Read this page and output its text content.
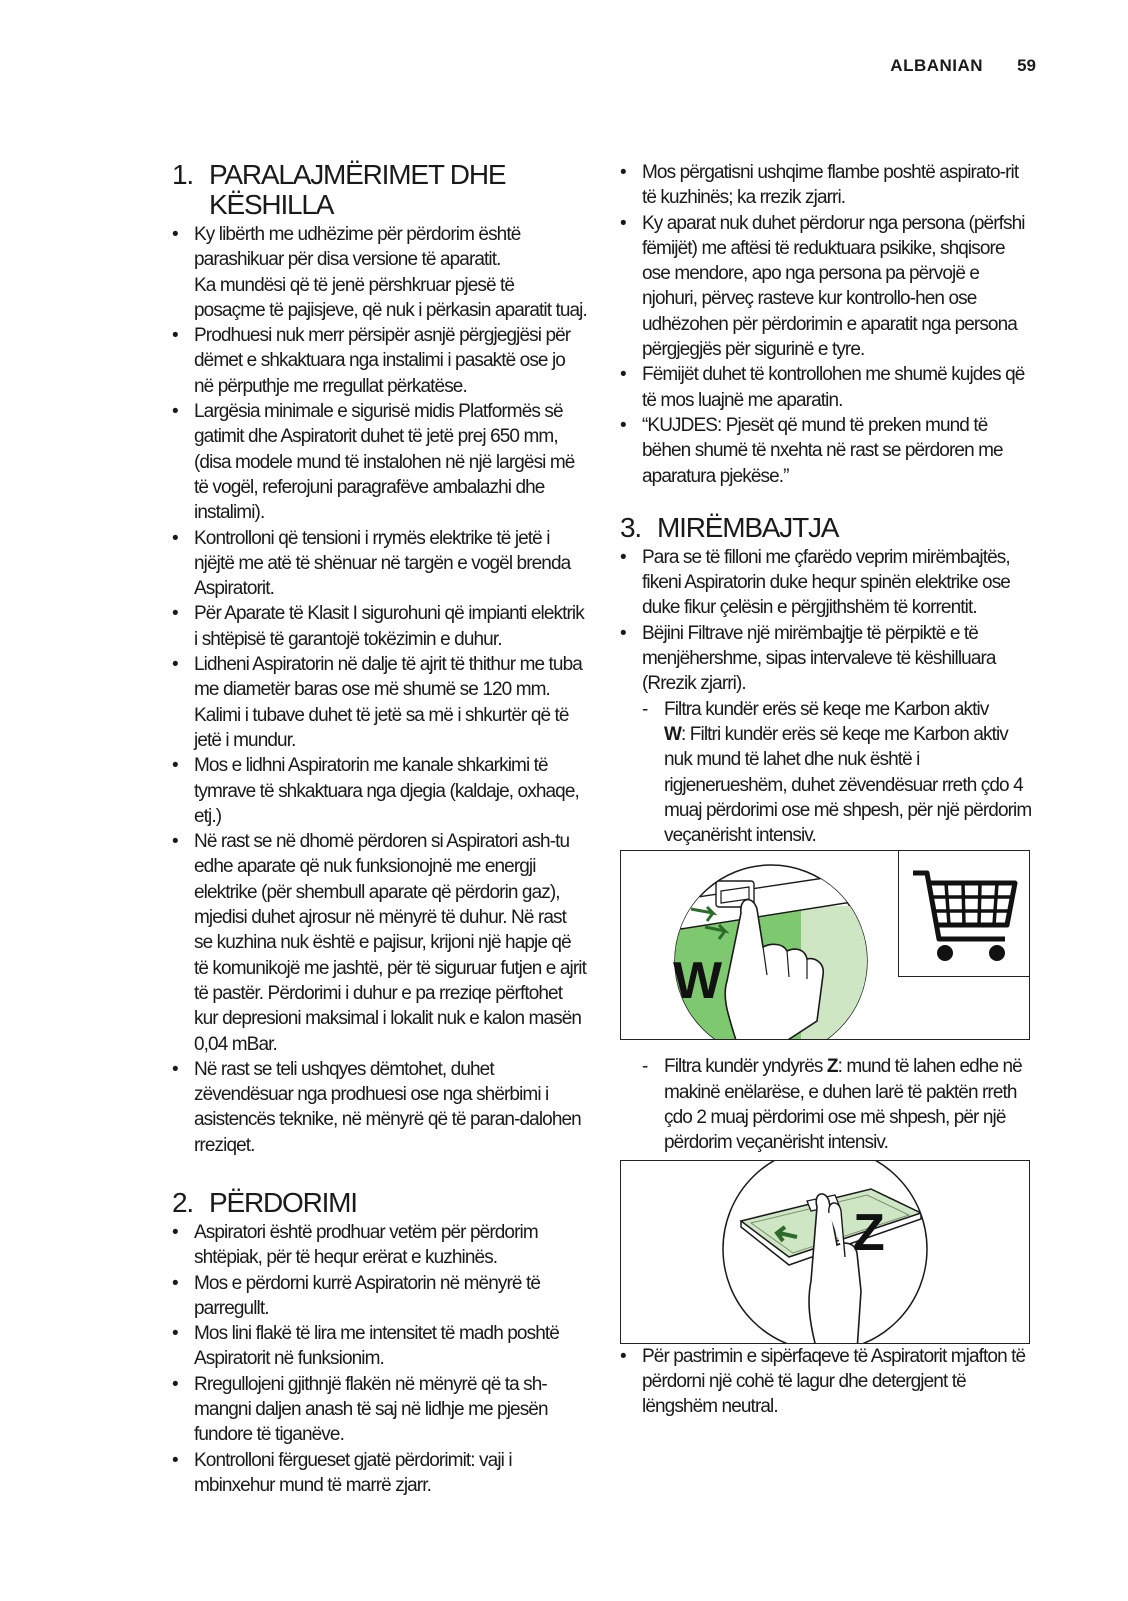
ALBANIAN 59
1. PARALAJMËRIMET DHE
KËSHILLA
• Ky libërth me udhëzime për përdorim është parashikuar për disa versione të aparatit.
Ka mundësi që të jenë përshkruar pjesë të posaçme të pajisjeve, që nuk i përkasin aparatit tuaj.
• Prodhuesi nuk merr përsipër asnjë përgjegjësi për dëmet e shkaktuara nga instalimi i pasaktë ose jo në përputhje me rregullat përkatëse.
• Largësia minimale e sigurisë midis Platformës së gatimit dhe Aspiratorit duhet të jetë prej 650 mm, (disa modele mund të instalohen në një largësi më të vogël, referojuni paragrafëve ambalazhi dhe instalimi).
• Kontrolloni që tensioni i rrymës elektrike të jetë i njëjtë me atë të shënuar në targën e vogël brenda Aspiratorit.
• Për Aparate të Klasit I sigurohuni që impianti elektrik i shtëpisë të garantojë tokëzimin e duhur.
• Lidheni Aspiratorin në dalje të ajrit të thithur me tuba me diametër baras ose më shumë se 120 mm. Kalimi i tubave duhet të jetë sa më i shkurtër që të jetë i mundur.
• Mos e lidhni Aspiratorin me kanale shkarkimi të tymrave të shkaktuara nga djegia (kaldaje, oxhaqe, etj.)
• Në rast se në dhomë përdoren si Aspiratori ash-tu edhe aparate që nuk funksionojnë me energji elektrike (për shembull aparate që përdorin gaz), mjedisi duhet ajrosur në mënyrë të duhur. Në rast se kuzhina nuk është e pajisur, krijoni një hapje që të komunikojë me jashtë, për të siguruar futjen e ajrit të pastër. Përdorimi i duhur e pa rreziqe përftohet kur depresioni maksimal i lokalit nuk e kalon masën 0,04 mBar.
• Në rast se teli ushqyes dëmtohet, duhet zëvendësuar nga prodhuesi ose nga shërbimi i asistencës teknike, në mënyrë që të paran-dalohen rreziqet.
2. PËRDORIMI
• Aspiratori është prodhuar vetëm për përdorim shtëpiak, për të hequr erërat e kuzhinës.
• Mos e përdorni kurrë Aspiratorin në mënyrë të parregullt.
• Mos lini flakë të lira me intensitet të madh poshtë Aspiratorit në funksionim.
• Rregullojeni gjithnjë flakën në mënyrë që ta sh-mangni daljen anash të saj në lidhje me pjesën fundore të tiganëve.
• Kontrolloni fërgueset gjatë përdorimit: vaji i mbinxehur mund të marrë zjarr.
• Mos përgatisni ushqime flambe poshtë aspirato-rit të kuzhinës; ka rrezik zjarri.
• Ky aparat nuk duhet përdorur nga persona (përfshi fëmijët) me aftësi të reduktuara psikike, shqisore ose mendore, apo nga persona pa përvojë e njohuri, përveç rasteve kur kontrollo-hen ose udhëzohen për përdorimin e aparatit nga persona përgjegjës për sigurinë e tyre.
• Fëmijët duhet të kontrollohen me shumë kujdes që të mos luajnë me aparatin.
• “KUJDES: Pjesët që mund të preken mund të bëhen shumë të nxehta në rast se përdoren me aparatura pjekëse.”
3. MIRËMBAJTJA
• Para se të filloni me çfarëdo veprim mirëmbajtës, fikeni Aspiratorin duke hequr spinën elektrike ose duke fikur çelësin e përgjithshëm të korrentit.
• Bëjini Filtrave një mirëmbajtje të përpiktë e të menjëhershme, sipas intervaleve të këshilluara (Rrezik zjarri).
- Filtra kundër erës së keqe me Karbon aktiv
W: Filtri kundër erës së keqe me Karbon aktiv nuk mund të lahet dhe nuk është i rigjenerueshëm, duhet zëvendësuar rreth çdo 4 muaj përdorimi ose më shpesh, për një përdorim veçanërisht intensiv.
W
- Filtra kundër yndyrës Z: mund të lahen edhe në makinë enëlarëse, e duhen larë të paktën rreth çdo 2 muaj përdorimi ose më shpesh, për një përdorim veçanërisht intensiv.
Z
• Për pastrimin e sipërfaqeve të Aspiratorit mjafton të përdorni një cohë të lagur dhe detergjent të lëngshëm neutral.
